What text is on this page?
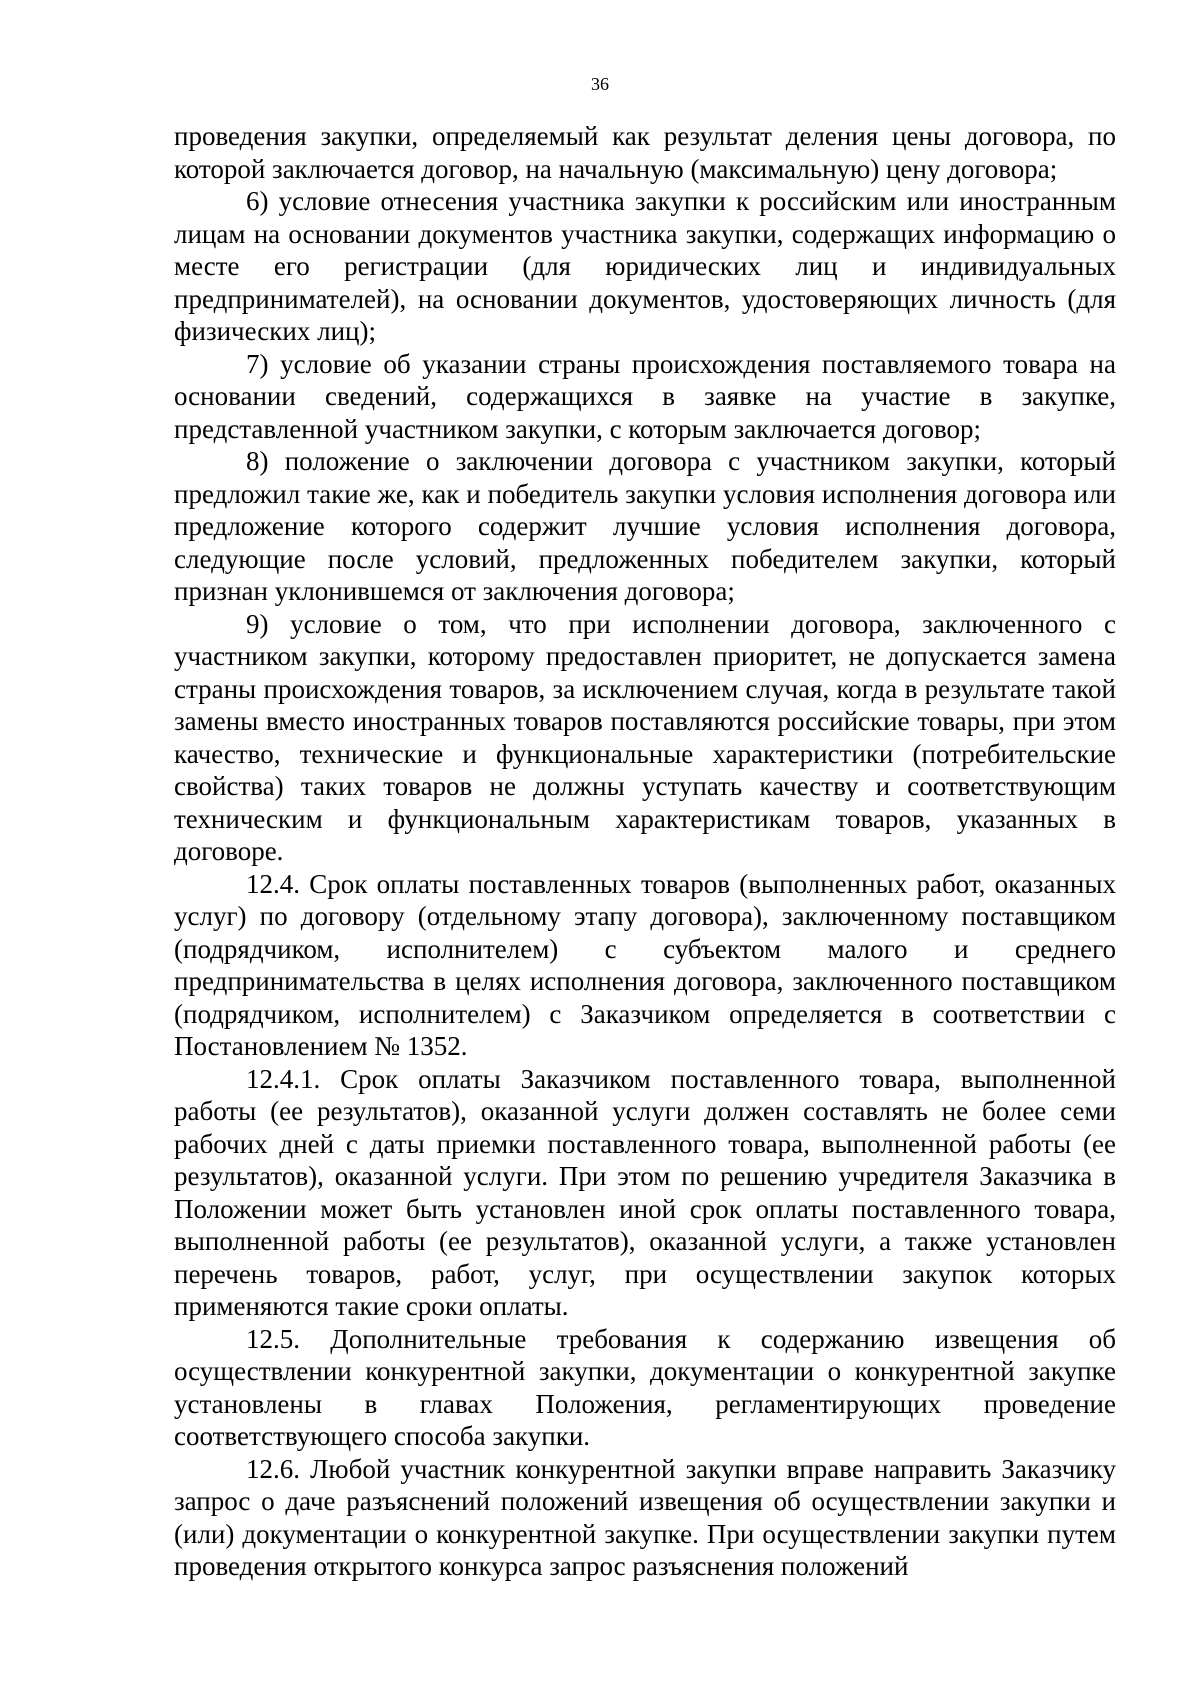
36

проведения закупки, определяемый как результат деления цены договора, по которой заключается договор, на начальную (максимальную) цену договора;

6) условие отнесения участника закупки к российским или иностранным лицам на основании документов участника закупки, содержащих информацию о месте его регистрации (для юридических лиц и индивидуальных предпринимателей), на основании документов, удостоверяющих личность (для физических лиц);

7) условие об указании страны происхождения поставляемого товара на основании сведений, содержащихся в заявке на участие в закупке, представленной участником закупки, с которым заключается договор;

8) положение о заключении договора с участником закупки, который предложил такие же, как и победитель закупки условия исполнения договора или предложение которого содержит лучшие условия исполнения договора, следующие после условий, предложенных победителем закупки, который признан уклонившемся от заключения договора;

9) условие о том, что при исполнении договора, заключенного с участником закупки, которому предоставлен приоритет, не допускается замена страны происхождения товаров, за исключением случая, когда в результате такой замены вместо иностранных товаров поставляются российские товары, при этом качество, технические и функциональные характеристики (потребительские свойства) таких товаров не должны уступать качеству и соответствующим техническим и функциональным характеристикам товаров, указанных в договоре.

12.4. Срок оплаты поставленных товаров (выполненных работ, оказанных услуг) по договору (отдельному этапу договора), заключенному поставщиком (подрядчиком, исполнителем) с субъектом малого и среднего предпринимательства в целях исполнения договора, заключенного поставщиком (подрядчиком, исполнителем) с Заказчиком определяется в соответствии с Постановлением № 1352.

12.4.1. Срок оплаты Заказчиком поставленного товара, выполненной работы (ее результатов), оказанной услуги должен составлять не более семи рабочих дней с даты приемки поставленного товара, выполненной работы (ее результатов), оказанной услуги. При этом по решению учредителя Заказчика в Положении может быть установлен иной срок оплаты поставленного товара, выполненной работы (ее результатов), оказанной услуги, а также установлен перечень товаров, работ, услуг, при осуществлении закупок которых применяются такие сроки оплаты.

12.5. Дополнительные требования к содержанию извещения об осуществлении конкурентной закупки, документации о конкурентной закупке установлены в главах Положения, регламентирующих проведение соответствующего способа закупки.

12.6. Любой участник конкурентной закупки вправе направить Заказчику запрос о даче разъяснений положений извещения об осуществлении закупки и (или) документации о конкурентной закупке. При осуществлении закупки путем проведения открытого конкурса запрос разъяснения положений
